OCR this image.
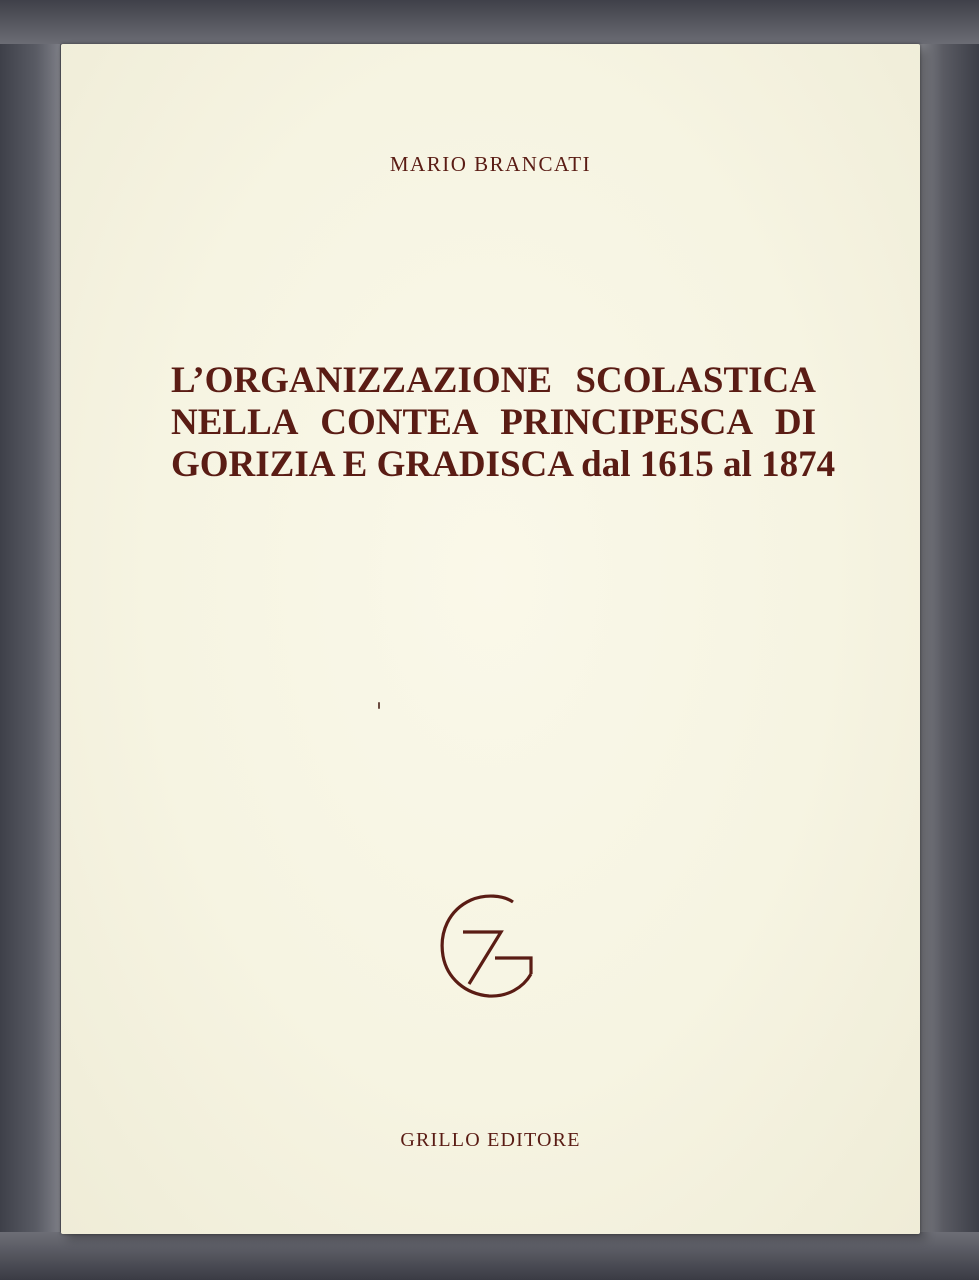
MARIO BRANCATI
L’ORGANIZZAZIONE SCOLASTICA
NELLA CONTEA PRINCIPESCA DI
GORIZIA E GRADISCA dal 1615 al 1874
GRILLO EDITORE
